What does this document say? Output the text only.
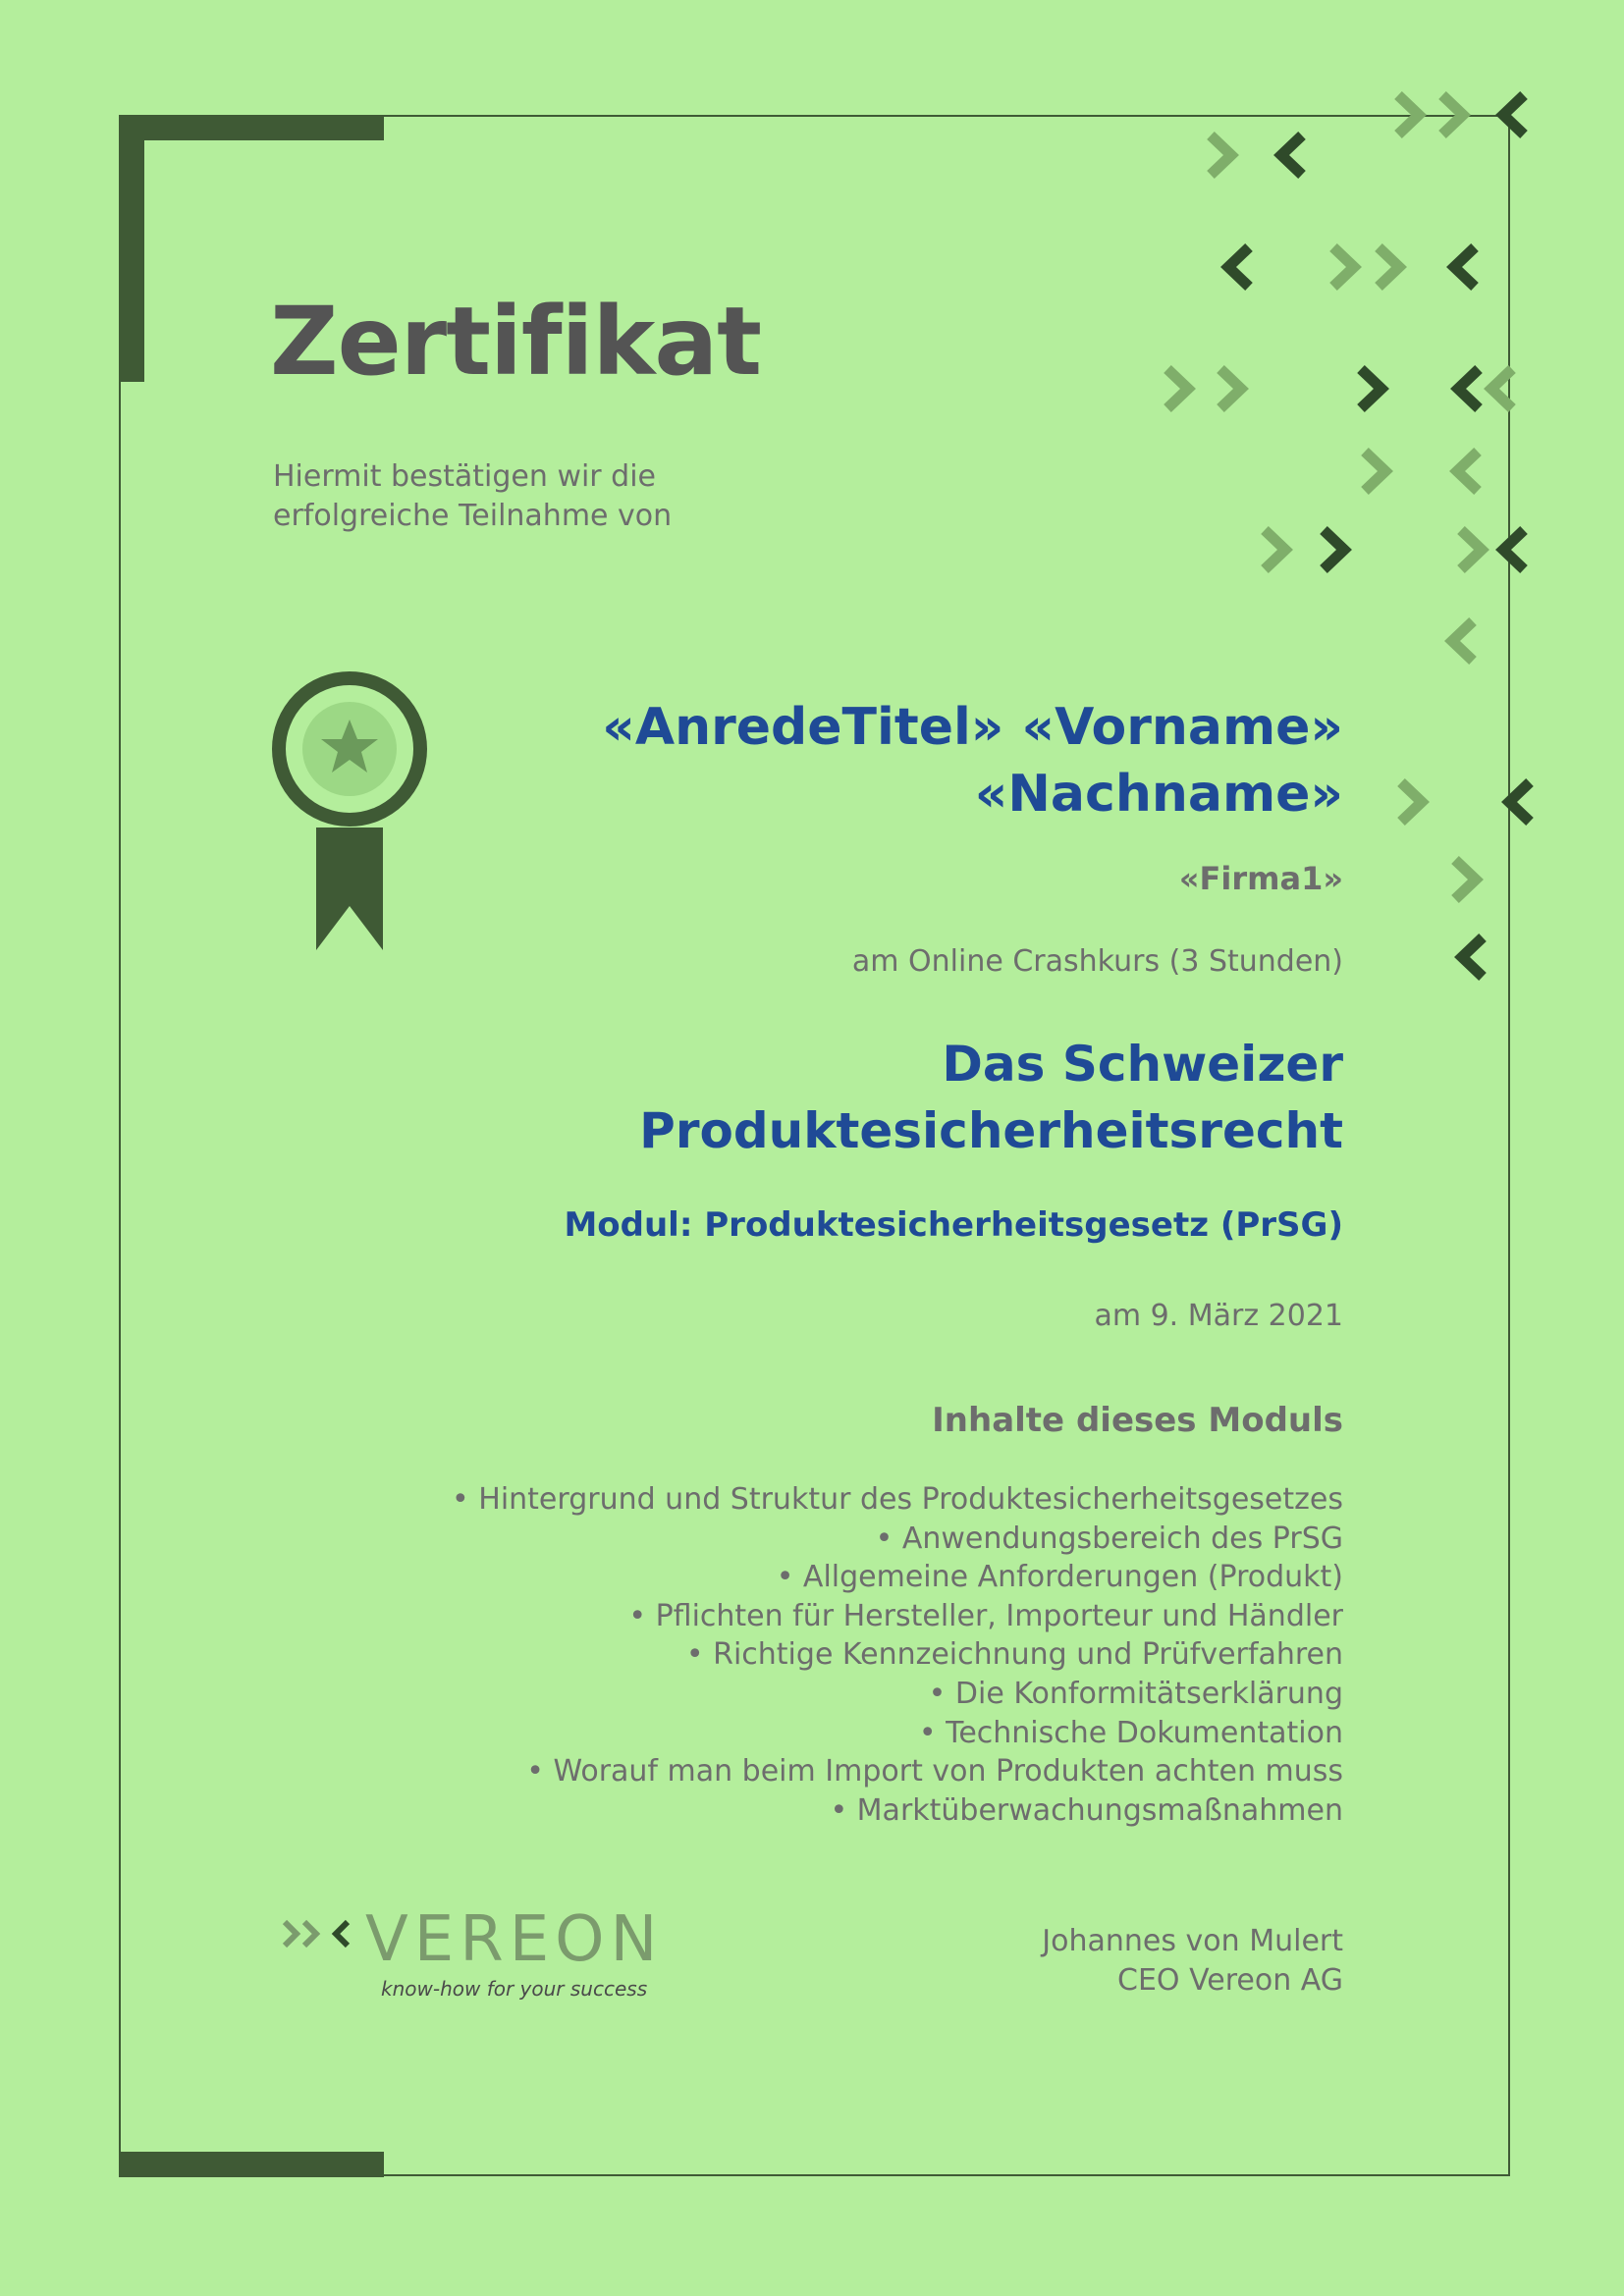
Zertifikat

Hiermit bestätigen wir die
erfolgreiche Teilnahme von

«AnredeTitel» «Vorname»
«Nachname»

«Firma1»

am Online Crashkurs (3 Stunden)

Das Schweizer
Produktesicherheitsrecht

Modul: Produktesicherheitsgesetz (PrSG)

am 9. März 2021

Inhalte dieses Moduls

• Hintergrund und Struktur des Produktesicherheitsgesetzes
• Anwendungsbereich des PrSG
• Allgemeine Anforderungen (Produkt)
• Pflichten für Hersteller, Importeur und Händler
• Richtige Kennzeichnung und Prüfverfahren
• Die Konformitätserklärung
• Technische Dokumentation
• Worauf man beim Import von Produkten achten muss
• Marktüberwachungsmaßnahmen

VEREON

know-how for your success

Johannes von Mulert
CEO Vereon AG
